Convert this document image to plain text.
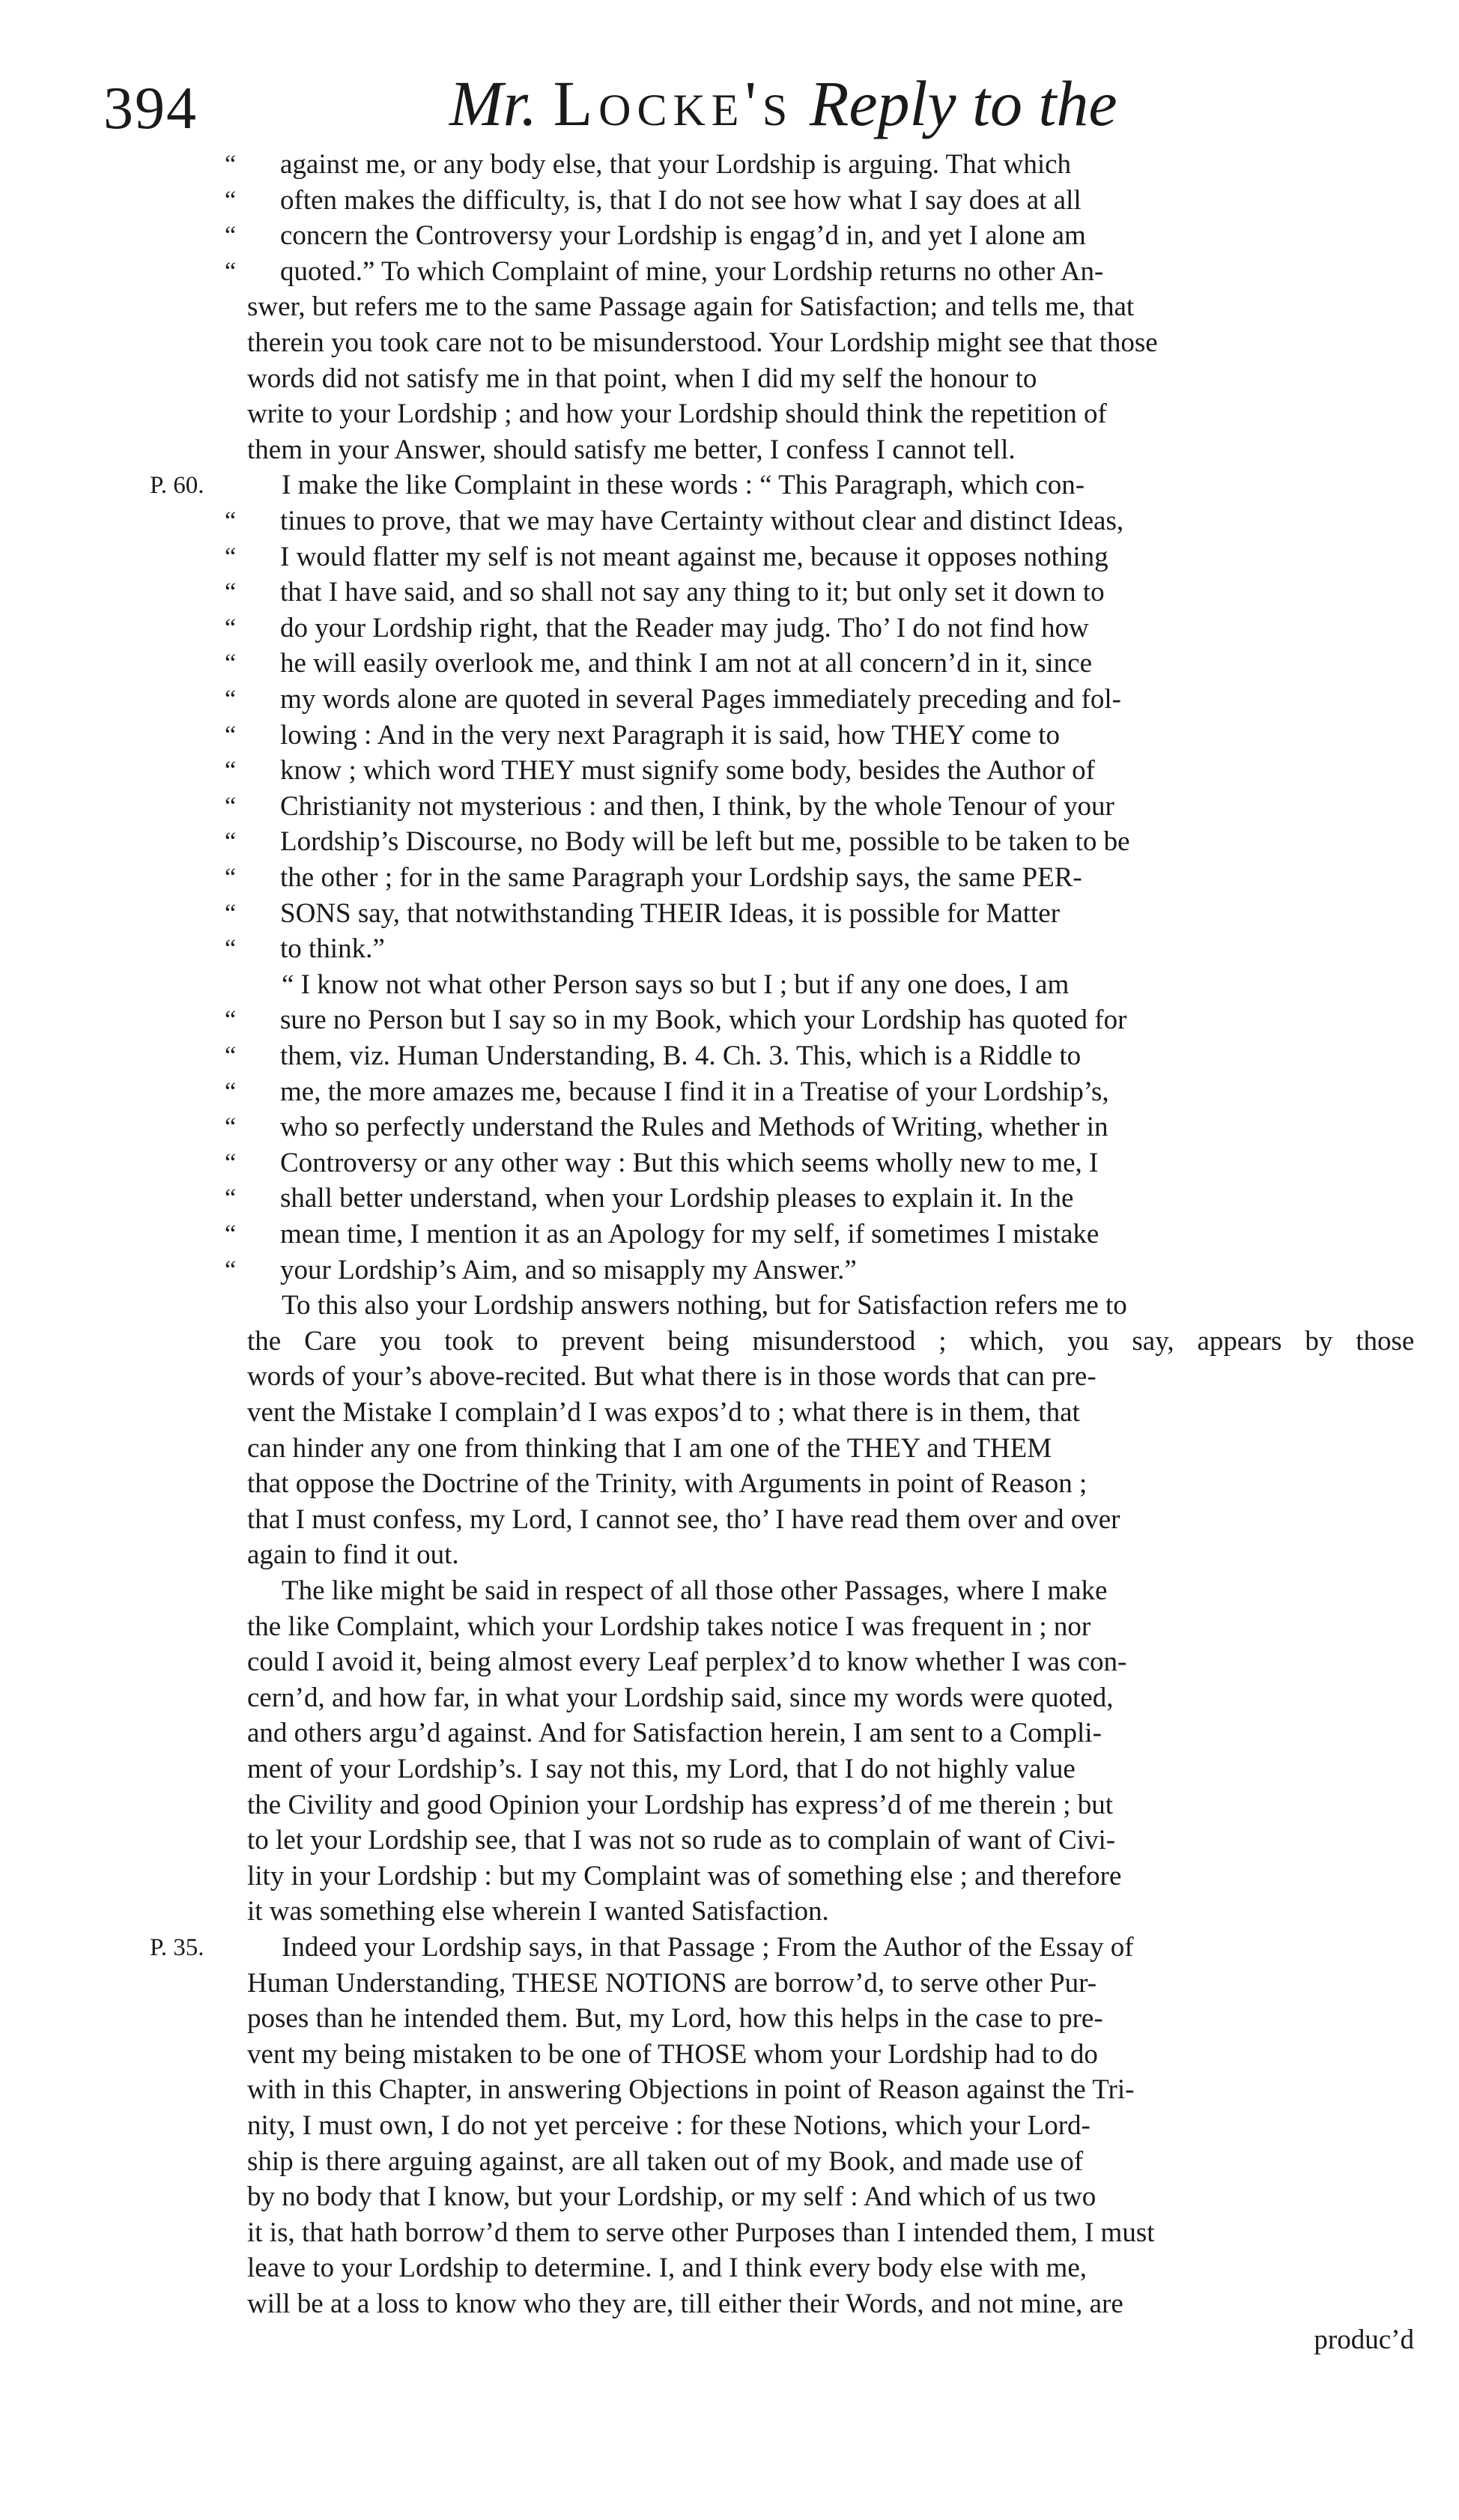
394	Mr. Locke's Reply to the
“ against me, or any body else, that your Lordship is arguing. That which
“ often makes the difficulty, is, that I do not see how what I say does at all
“ concern the Controversy your Lordship is engag’d in, and yet I alone am
“ quoted.” To which Complaint of mine, your Lordship returns no other An-
swer, but refers me to the same Passage again for Satisfaction; and tells me, that
therein you took care not to be misunderstood. Your Lordship might see that those
words did not satisfy me in that point, when I did my self the honour to
write to your Lordship ; and how your Lordship should think the repetition of
them in your Answer, should satisfy me better, I confess I cannot tell.
P. 60.	I make the like Complaint in these words : “ This Paragraph, which con-
“ tinues to prove, that we may have Certainty without clear and distinct Ideas,
“ I would flatter my self is not meant against me, because it opposes nothing
“ that I have said, and so shall not say any thing to it; but only set it down to
“ do your Lordship right, that the Reader may judg. Tho’ I do not find how
“ he will easily overlook me, and think I am not at all concern’d in it, since
“ my words alone are quoted in several Pages immediately preceding and fol-
“ lowing : And in the very next Paragraph it is said, how THEY come to
“ know ; which word THEY must signify some body, besides the Author of
“ Christianity not mysterious : and then, I think, by the whole Tenour of your
“ Lordship’s Discourse, no Body will be left but me, possible to be taken to be
“ the other ; for in the same Paragraph your Lordship says, the same PER-
“ SONS say, that notwithstanding THEIR Ideas, it is possible for Matter
“ to think.”
“ I know not what other Person says so but I ; but if any one does, I am
“ sure no Person but I say so in my Book, which your Lordship has quoted for
“ them, viz. Human Understanding, B. 4. Ch. 3. This, which is a Riddle to
“ me, the more amazes me, because I find it in a Treatise of your Lordship’s,
“ who so perfectly understand the Rules and Methods of Writing, whether in
“ Controversy or any other way : But this which seems wholly new to me, I
“ shall better understand, when your Lordship pleases to explain it. In the
“ mean time, I mention it as an Apology for my self, if sometimes I mistake
“ your Lordship’s Aim, and so misapply my Answer.”
To this also your Lordship answers nothing, but for Satisfaction refers me to
the Care you took to prevent being misunderstood ; which, you say, appears by those
words of your’s above-recited. But what there is in those words that can pre-
vent the Mistake I complain’d I was expos’d to ; what there is in them, that
can hinder any one from thinking that I am one of the THEY and THEM
that oppose the Doctrine of the Trinity, with Arguments in point of Reason ;
that I must confess, my Lord, I cannot see, tho’ I have read them over and over
again to find it out.
The like might be said in respect of all those other Passages, where I make
the like Complaint, which your Lordship takes notice I was frequent in ; nor
could I avoid it, being almost every Leaf perplex’d to know whether I was con-
cern’d, and how far, in what your Lordship said, since my words were quoted,
and others argu’d against. And for Satisfaction herein, I am sent to a Compli-
ment of your Lordship’s. I say not this, my Lord, that I do not highly value
the Civility and good Opinion your Lordship has express’d of me therein ; but
to let your Lordship see, that I was not so rude as to complain of want of Civi-
lity in your Lordship : but my Complaint was of something else ; and therefore
it was something else wherein I wanted Satisfaction.
P. 35.	Indeed your Lordship says, in that Passage ; From the Author of the Essay of
Human Understanding, THESE NOTIONS are borrow’d, to serve other Pur-
poses than he intended them. But, my Lord, how this helps in the case to pre-
vent my being mistaken to be one of THOSE whom your Lordship had to do
with in this Chapter, in answering Objections in point of Reason against the Tri-
nity, I must own, I do not yet perceive : for these Notions, which your Lord-
ship is there arguing against, are all taken out of my Book, and made use of
by no body that I know, but your Lordship, or my self : And which of us two
it is, that hath borrow’d them to serve other Purposes than I intended them, I must
leave to your Lordship to determine. I, and I think every body else with me,
will be at a loss to know who they are, till either their Words, and not mine, are
produc’d
